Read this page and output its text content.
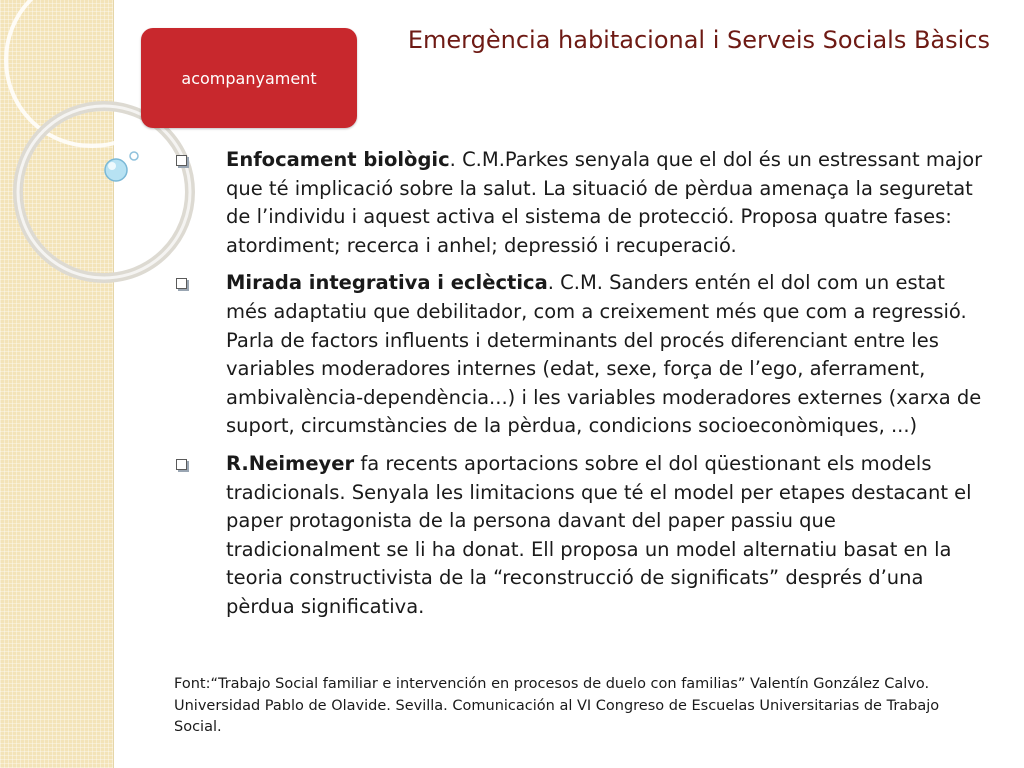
acompanyament
Emergència habitacional i Serveis Socials Bàsics
Enfocament biològic. C.M.Parkes senyala que el dol és un estressant major que té implicació sobre la salut. La situació de pèrdua amenaça la seguretat de l’individu i aquest activa el sistema de protecció. Proposa quatre fases: atordiment; recerca i anhel; depressió i recuperació.
Mirada integrativa i eclèctica. C.M. Sanders entén el dol com un estat més adaptatiu que debilitador, com a creixement més que com a regressió. Parla de factors influents i determinants del procés diferenciant entre les variables moderadores internes (edat, sexe, força de l’ego, aferrament, ambivalència-dependència...) i les variables moderadores externes (xarxa de suport, circumstàncies de la pèrdua, condicions socioeconòmiques, ...)
R.Neimeyer fa recents aportacions sobre el dol qüestionant els models tradicionals. Senyala les limitacions que té el model per etapes destacant el paper protagonista de la persona davant del paper passiu que tradicionalment se li ha donat. Ell proposa un model alternatiu basat en la teoria constructivista de la “reconstrucció de significats” després d’una pèrdua significativa.
Font:“Trabajo Social familiar e intervención en procesos de duelo con familias” Valentín González Calvo. Universidad Pablo de Olavide. Sevilla. Comunicación al VI Congreso de Escuelas Universitarias de Trabajo Social.
